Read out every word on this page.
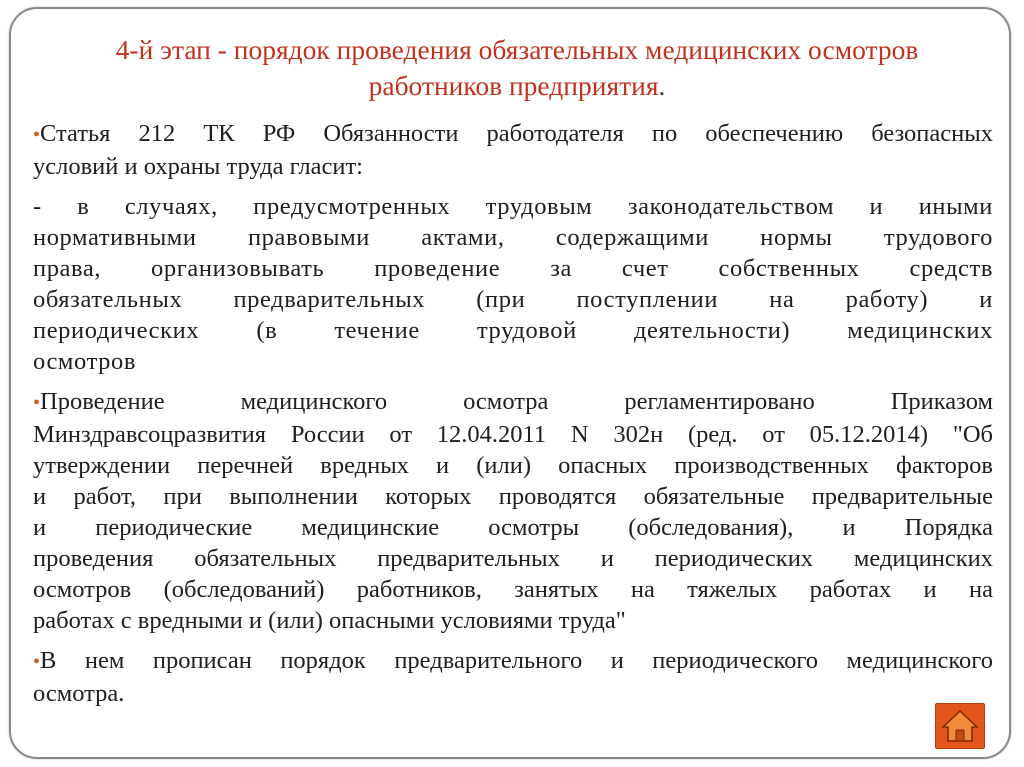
4-й этап - порядок проведения обязательных медицинских осмотров
работников предприятия.
•Статья 212 ТК РФ Обязанности работодателя по обеспечению безопасных
условий и охраны труда гласит:
- в случаях, предусмотренных трудовым законодательством и иными
нормативными правовыми актами, содержащими нормы трудового
права, организовывать проведение за счет собственных средств
обязательных предварительных (при поступлении на работу) и
периодических (в течение трудовой деятельности) медицинских
осмотров
•Проведение медицинского осмотра регламентировано Приказом
Минздравсоцразвития России от 12.04.2011 N 302н (ред. от 05.12.2014) "Об
утверждении перечней вредных и (или) опасных производственных факторов
и работ, при выполнении которых проводятся обязательные предварительные
и периодические медицинские осмотры (обследования), и Порядка
проведения обязательных предварительных и периодических медицинских
осмотров (обследований) работников, занятых на тяжелых работах и на
работах с вредными и (или) опасными условиями труда"
•В нем прописан порядок предварительного и периодического медицинского
осмотра.
